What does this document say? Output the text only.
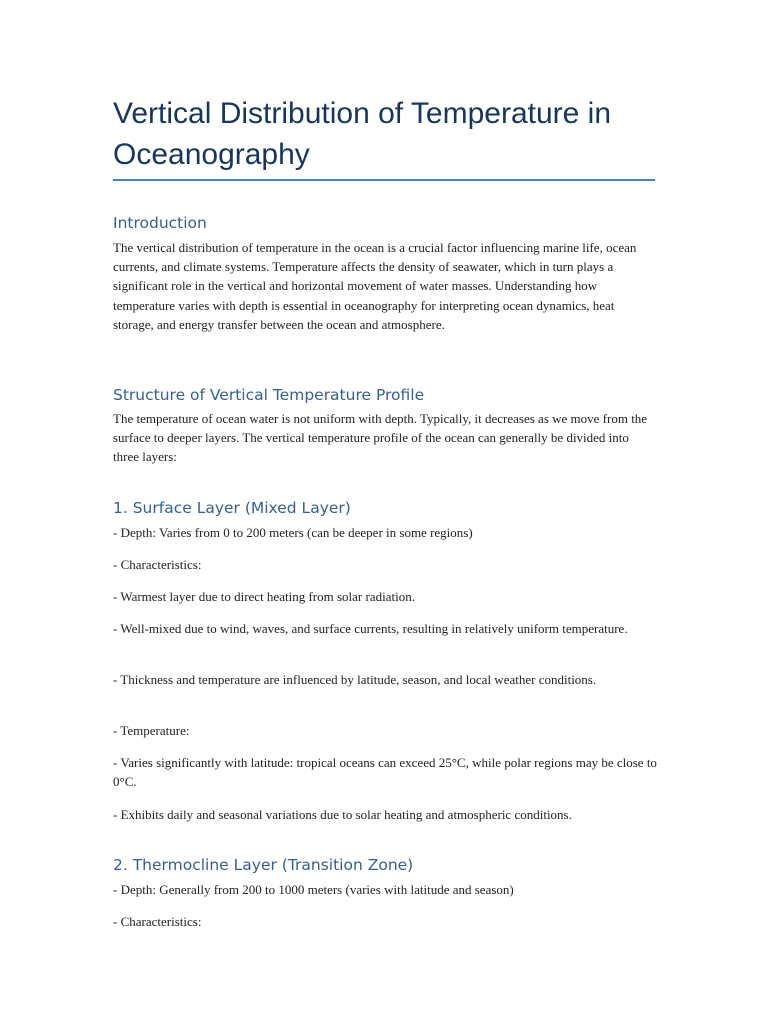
Vertical Distribution of Temperature in Oceanography
Introduction

The vertical distribution of temperature in the ocean is a crucial factor influencing marine life, ocean currents, and climate systems. Temperature affects the density of seawater, which in turn plays a significant role in the vertical and horizontal movement of water masses. Understanding how temperature varies with depth is essential in oceanography for interpreting ocean dynamics, heat storage, and energy transfer between the ocean and atmosphere.

Structure of Vertical Temperature Profile

The temperature of ocean water is not uniform with depth. Typically, it decreases as we move from the surface to deeper layers. The vertical temperature profile of the ocean can generally be divided into three layers:

1. Surface Layer (Mixed Layer)

- Depth: Varies from 0 to 200 meters (can be deeper in some regions)

- Characteristics:

- Warmest layer due to direct heating from solar radiation.

- Well-mixed due to wind, waves, and surface currents, resulting in relatively uniform temperature.

- Thickness and temperature are influenced by latitude, season, and local weather conditions.

- Temperature:

- Varies significantly with latitude: tropical oceans can exceed 25°C, while polar regions may be close to 0°C.

- Exhibits daily and seasonal variations due to solar heating and atmospheric conditions.

2. Thermocline Layer (Transition Zone)

- Depth: Generally from 200 to 1000 meters (varies with latitude and season)

- Characteristics:
